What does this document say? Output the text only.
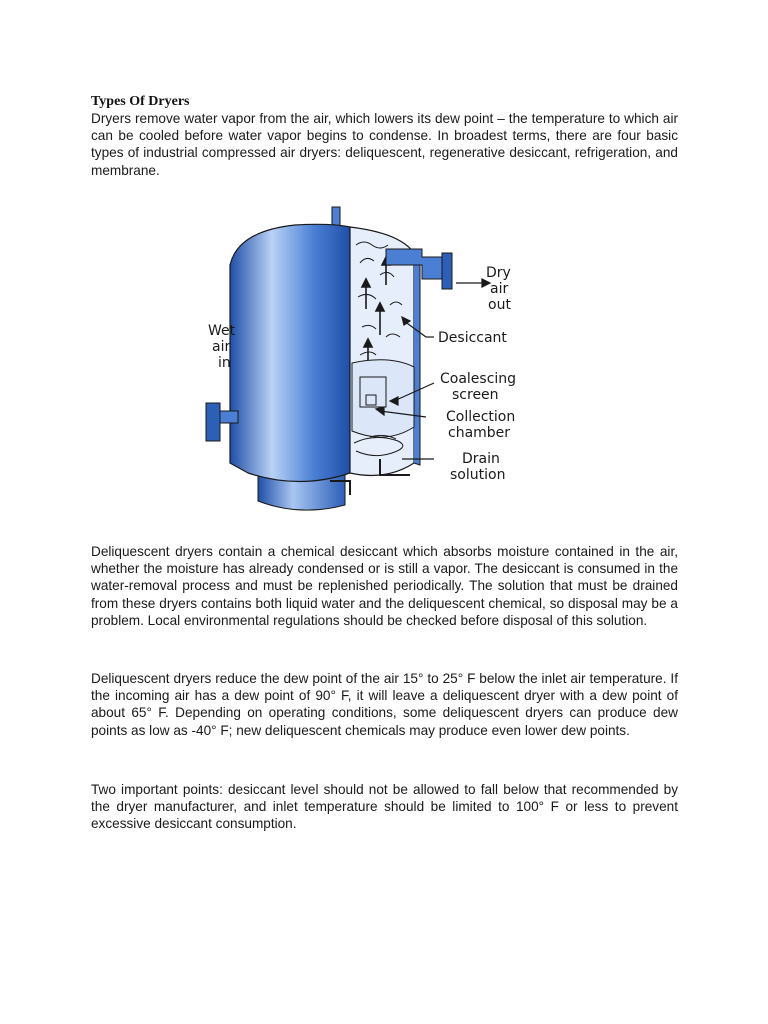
Types Of Dryers

Dryers remove water vapor from the air, which lowers its dew point – the temperature to which air can be cooled before water vapor begins to condense. In broadest terms, there are four basic types of industrial compressed air dryers: deliquescent, regenerative desiccant, refrigeration, and membrane.

Wet air in
Dry air out
Desiccant
Coalescing screen
Collection chamber
Drain solution

Deliquescent dryers contain a chemical desiccant which absorbs moisture contained in the air, whether the moisture has already condensed or is still a vapor. The desiccant is consumed in the water-removal process and must be replenished periodically. The solution that must be drained from these dryers contains both liquid water and the deliquescent chemical, so disposal may be a problem. Local environmental regulations should be checked before disposal of this solution.

Deliquescent dryers reduce the dew point of the air 15° to 25° F below the inlet air temperature. If the incoming air has a dew point of 90° F, it will leave a deliquescent dryer with a dew point of about 65° F. Depending on operating conditions, some deliquescent dryers can produce dew points as low as -40° F; new deliquescent chemicals may produce even lower dew points.

Two important points: desiccant level should not be allowed to fall below that recommended by the dryer manufacturer, and inlet temperature should be limited to 100° F or less to prevent excessive desiccant consumption.
